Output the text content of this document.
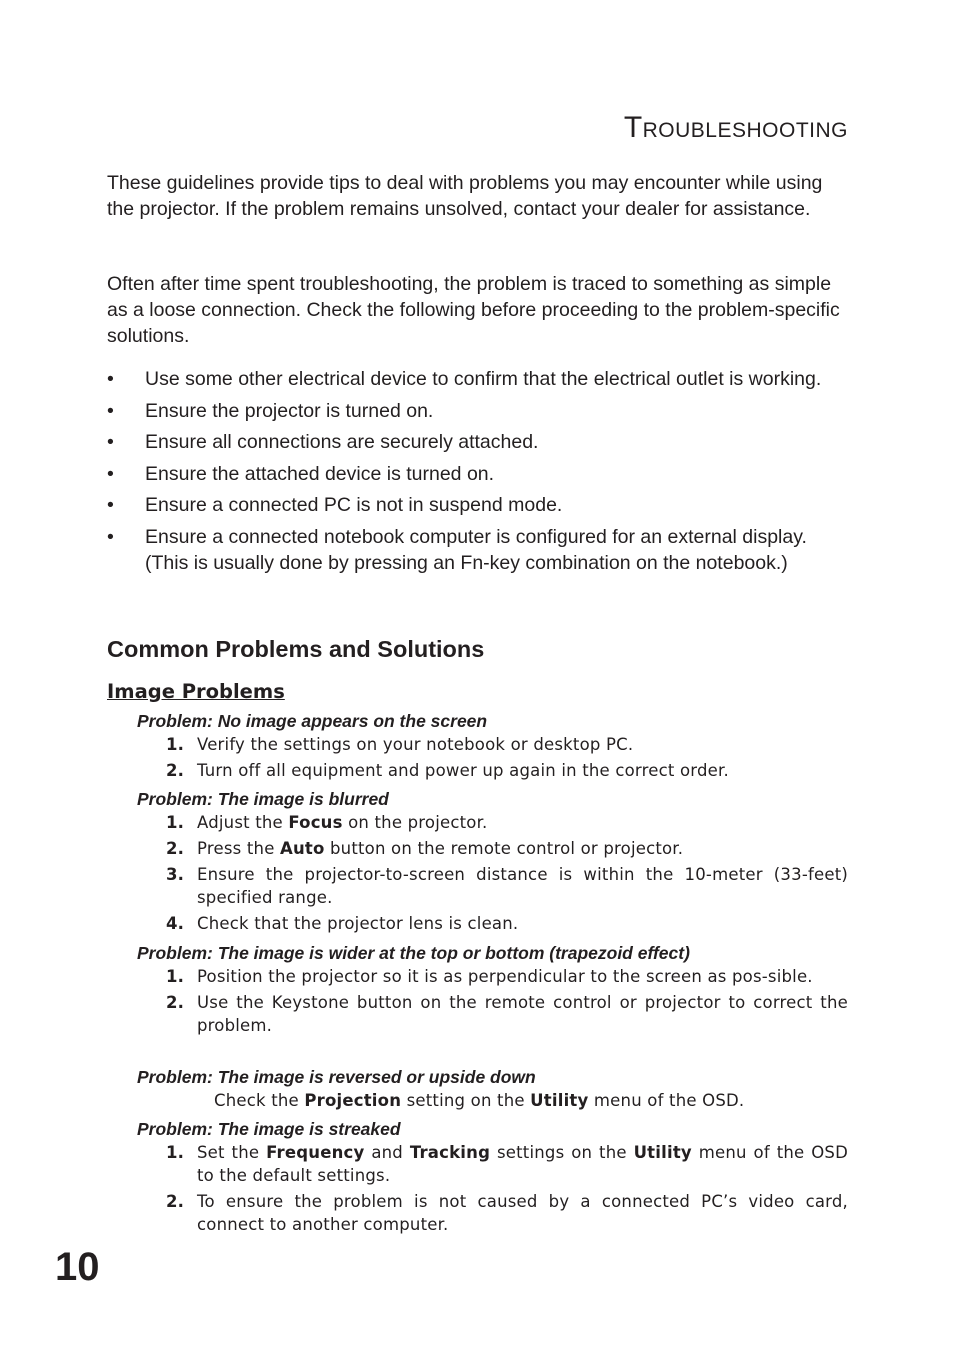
Troubleshooting

These guidelines provide tips to deal with problems you may encounter while using the projector. If the problem remains unsolved, contact your dealer for assistance.

Often after time spent troubleshooting, the problem is traced to something as simple as a loose connection. Check the following before proceeding to the problem-specific solutions.

• Use some other electrical device to confirm that the electrical outlet is working.
• Ensure the projector is turned on.
• Ensure all connections are securely attached.
• Ensure the attached device is turned on.
• Ensure a connected PC is not in suspend mode.
• Ensure a connected notebook computer is configured for an external display. (This is usually done by pressing an Fn-key combination on the notebook.)
Common Problems and Solutions
Image Problems

Problem: No image appears on the screen

1. Verify the settings on your notebook or desktop PC.
2. Turn off all equipment and power up again in the correct order.

Problem: The image is blurred

1. Adjust the Focus on the projector.
2. Press the Auto button on the remote control or projector.
3. Ensure the projector-to-screen distance is within the 10-meter (33-feet) specified range.
4. Check that the projector lens is clean.

Problem: The image is wider at the top or bottom (trapezoid effect)

1. Position the projector so it is as perpendicular to the screen as pos-sible.
2. Use the Keystone button on the remote control or projector to correct the problem.

Problem: The image is reversed or upside down

Check the Projection setting on the Utility menu of the OSD.

Problem: The image is streaked

1. Set the Frequency and Tracking settings on the Utility menu of the OSD to the default settings.
2. To ensure the problem is not caused by a connected PC’s video card, connect to another computer.

10
